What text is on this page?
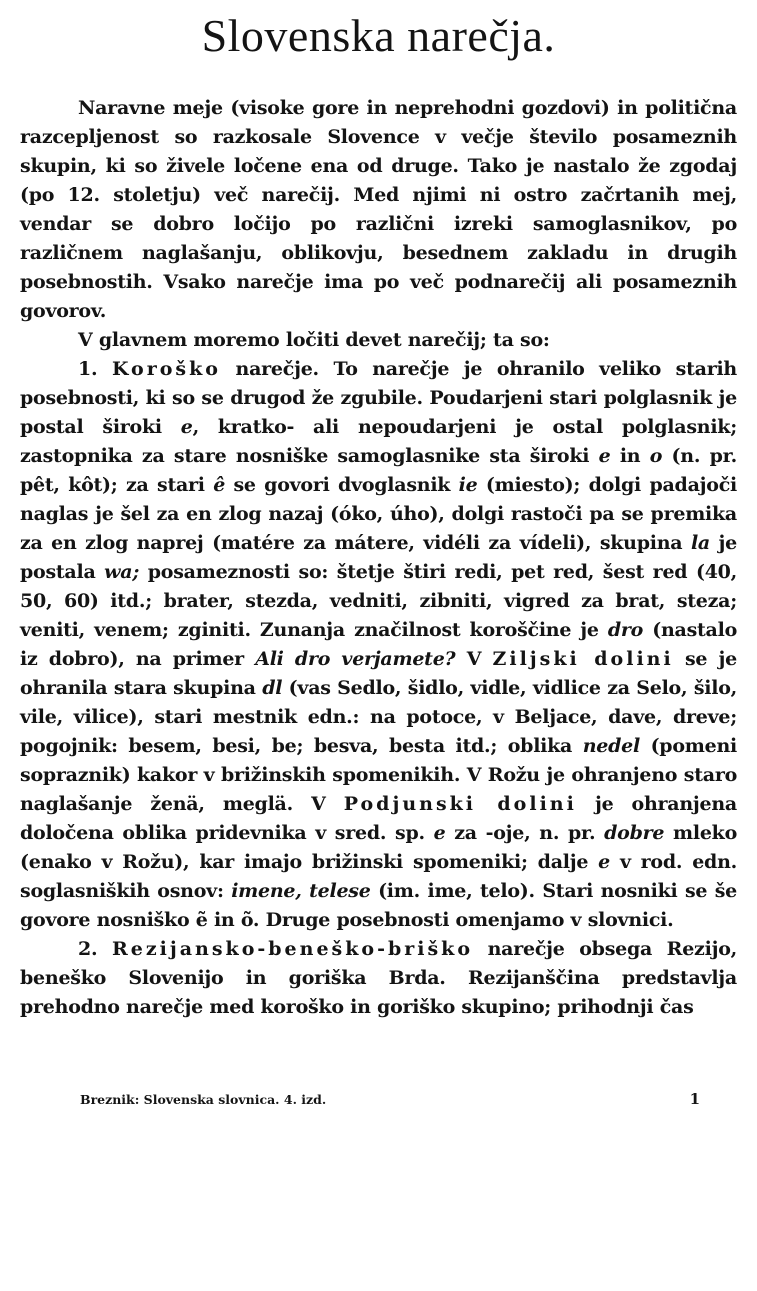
Slovenska narečja.

Naravne meje (visoke gore in neprehodni gozdovi) in politična razcepljenost so razkosale Slovence v večje število posameznih skupin, ki so živele ločene ena od druge. Tako je nastalo že zgodaj (po 12. stoletju) več narečij. Med njimi ni ostro začrtanih mej, vendar se dobro ločijo po različni izreki samoglasnikov, po različnem naglašanju, oblikovju, besednem zakladu in drugih posebnostih. Vsako narečje ima po več podnarečij ali posameznih govorov.

V glavnem moremo ločiti devet narečij; ta so:

1. Koroško narečje. To narečje je ohranilo veliko starih posebnosti, ki so se drugod že zgubile. Poudarjeni stari polglasnik je postal široki e, kratko- ali nepoudarjeni je ostal polglasnik; zastopnika za stare nosniške samoglasnike sta široki e in o (n. pr. pêt, kôt); za stari ê se govori dvoglasnik ie (miesto); dolgi padajoči naglas je šel za en zlog nazaj (óko, úho), dolgi rastoči pa se premika za en zlog naprej (matére za mátere, vidéli za vídeli), skupina la je postala wa; posameznosti so: štetje štiri redi, pet red, šest red (40, 50, 60) itd.; brater, stezda, vedniti, zibniti, vigred za brat, steza; veniti, venem; zginiti. Zunanja značilnost koroščine je dro (nastalo iz dobro), na primer Ali dro verjamete? V Ziljski dolini se je ohranila stara skupina dl (vas Sedlo, šidlo, vidle, vidlice za Selo, šilo, vile, vilice), stari mestnik edn.: na potoce, v Beljace, dave, dreve; pogojnik: besem, besi, be; besva, besta itd.; oblika nedel (pomeni sopraznik) kakor v brižinskih spomenikih. V Rožu je ohranjeno staro naglašanje ženä, meglä. V Podjunski dolini je ohranjena določena oblika pridevnika v sred. sp. e za -oje, n. pr. dobre mleko (enako v Rožu), kar imajo brižinski spomeniki; dalje e v rod. edn. soglasniških osnov: imene, telese (im. ime, telo). Stari nosniki se še govore nosniško ẽ in õ. Druge posebnosti omenjamo v slovnici.

2. Rezijansko-beneško-briško narečje obsega Rezijo, beneško Slovenijo in goriška Brda. Rezijanščina predstavlja prehodno narečje med koroško in goriško skupino; prihodnji čas

Breznik: Slovenska slovnica. 4. izd.	1
